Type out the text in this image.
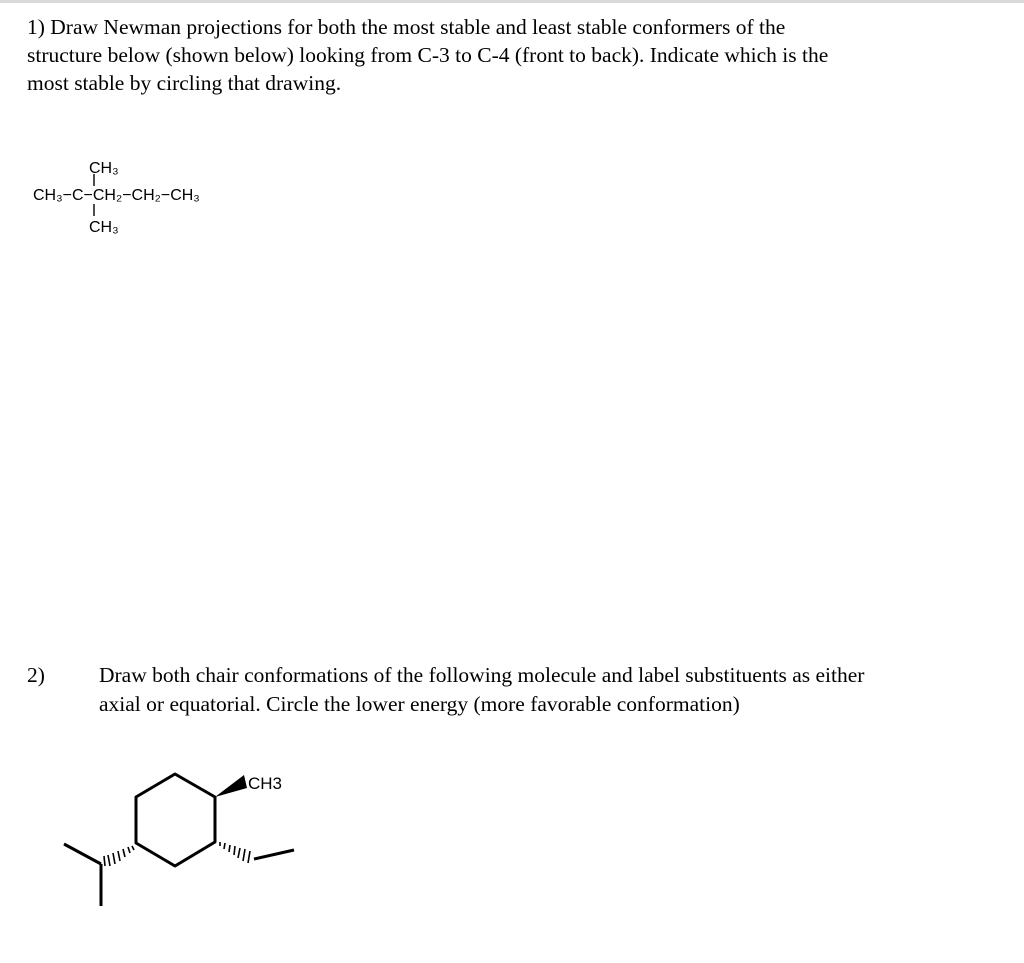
1) Draw Newman projections for both the most stable and least stable conformers of the
structure below (shown below) looking from C-3 to C-4 (front to back). Indicate which is the
most stable by circling that drawing.

CH₃
CH₃−C−CH₂−CH₂−CH₃
CH₃
CH3
2)	Draw both chair conformations of the following molecule and label substituents as either
axial or equatorial. Circle the lower energy (more favorable conformation)
